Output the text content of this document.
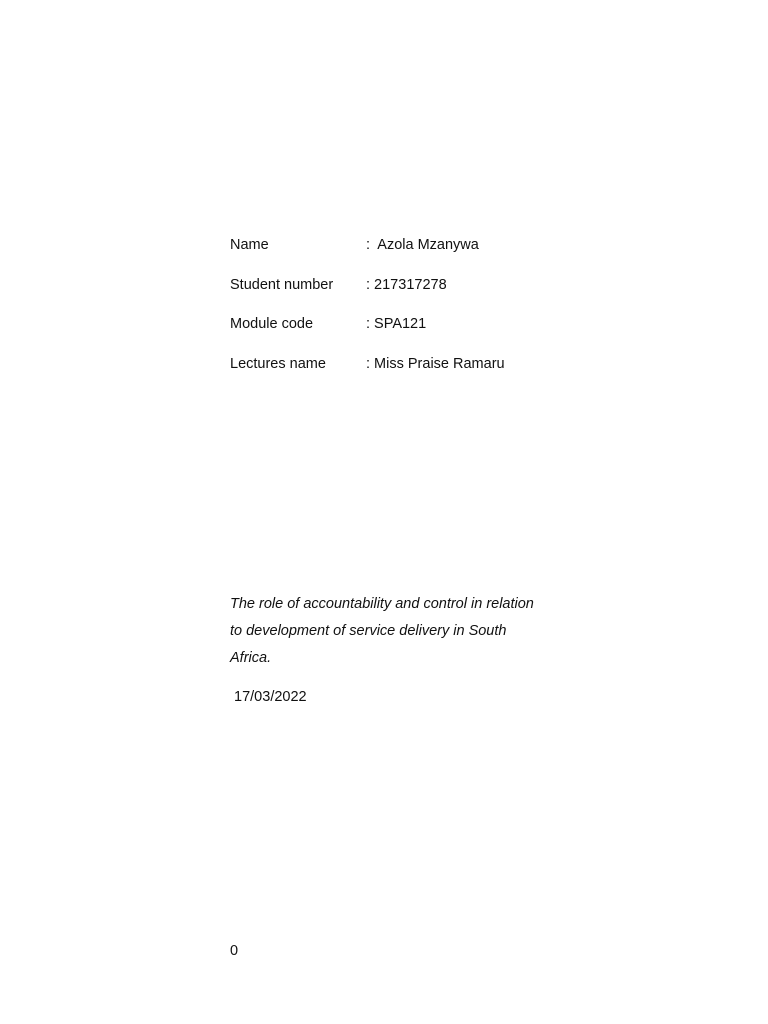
Name	:  Azola Mzanywa
Student number : 217317278
Module code	: SPA121
Lectures name	: Miss Praise Ramaru
The role of accountability and control in relation to development of service delivery in South Africa.
17/03/2022
0
